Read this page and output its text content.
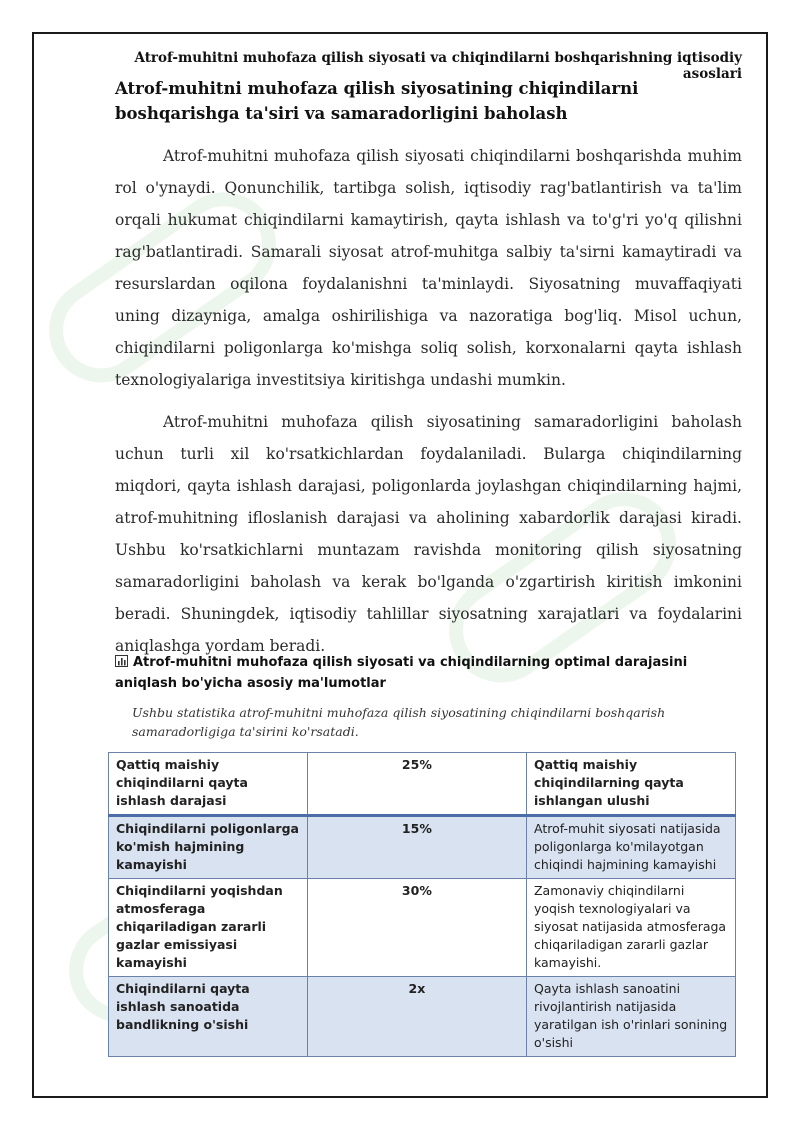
Atrof-muhitni muhofaza qilish siyosati va chiqindilarni boshqarishning iqtisodiy asoslari
Atrof-muhitni muhofaza qilish siyosatining chiqindilarni boshqarishga ta'siri va samaradorligini baholash

Atrof-muhitni muhofaza qilish siyosati chiqindilarni boshqarishda muhim rol o'ynaydi. Qonunchilik, tartibga solish, iqtisodiy rag'batlantirish va ta'lim orqali hukumat chiqindilarni kamaytirish, qayta ishlash va to'g'ri yo'q qilishni rag'batlantiradi. Samarali siyosat atrof-muhitga salbiy ta'sirni kamaytiradi va resurslardan oqilona foydalanishni ta'minlaydi. Siyosatning muvaffaqiyati uning dizayniga, amalga oshirilishiga va nazoratiga bog'liq. Misol uchun, chiqindilarni poligonlarga ko'mishga soliq solish, korxonalarni qayta ishlash texnologiyalariga investitsiya kiritishga undashi mumkin.

Atrof-muhitni muhofaza qilish siyosatining samaradorligini baholash uchun turli xil ko'rsatkichlardan foydalaniladi. Bularga chiqindilarning miqdori, qayta ishlash darajasi, poligonlarda joylashgan chiqindilarning hajmi, atrof-muhitning ifloslanish darajasi va aholining xabardorlik darajasi kiradi. Ushbu ko'rsatkichlarni muntazam ravishda monitoring qilish siyosatning samaradorligini baholash va kerak bo'lganda o'zgartirish kiritish imkonini beradi. Shuningdek, iqtisodiy tahlillar siyosatning xarajatlari va foydalarini aniqlashga yordam beradi.

Atrof-muhitni muhofaza qilish siyosati va chiqindilarning optimal darajasini aniqlash bo'yicha asosiy ma'lumotlar
Ushbu statistika atrof-muhitni muhofaza qilish siyosatining chiqindilarni boshqarish samaradorligiga ta'sirini ko'rsatadi.
Qattiq maishiy chiqindilarni qayta ishlash darajasi	25%	Qattiq maishiy chiqindilarning qayta ishlangan ulushi
Chiqindilarni poligonlarga ko'mish hajmining kamayishi	15%	Atrof-muhit siyosati natijasida poligonlarga ko'milayotgan chiqindi hajmining kamayishi
Chiqindilarni yoqishdan atmosferaga chiqariladigan zararli gazlar emissiyasi kamayishi	30%	Zamonaviy chiqindilarni yoqish texnologiyalari va siyosat natijasida atmosferaga chiqariladigan zararli gazlar kamayishi.
Chiqindilarni qayta ishlash sanoatida bandlikning o'sishi	2x	Qayta ishlash sanoatini rivojlantirish natijasida yaratilgan ish o'rinlari sonining o'sishi
